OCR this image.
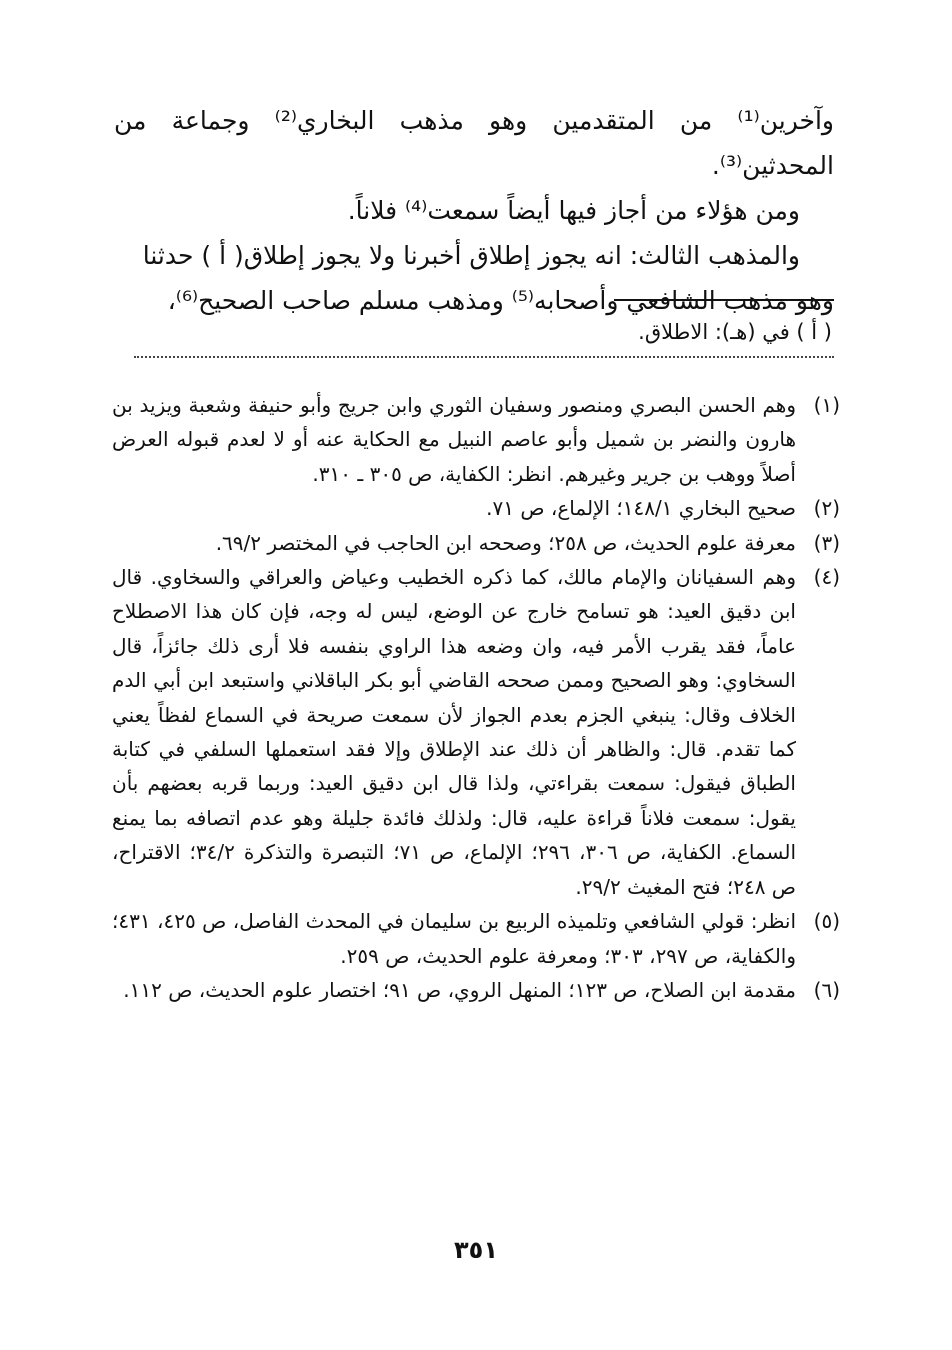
وآخرين⁽¹⁾ من المتقدمين وهو مذهب البخاري⁽²⁾ وجماعة من المحدثين⁽³⁾.

ومن هؤلاء من أجاز فيها أيضاً سمعت⁽⁴⁾ فلاناً.

والمذهب الثالث: انه يجوز إطلاق أخبرنا ولا يجوز إطلاق( أ ) حدثنا

وهو مذهب الشافعي وأصحابه⁽⁵⁾ ومذهب مسلم صاحب الصحيح⁽⁶⁾،

( أ ) في (هـ): الاطلاق.
(١)
وهم الحسن البصري ومنصور وسفيان الثوري وابن جريج وأبو حنيفة وشعبة ويزيد بن هارون والنضر بن شميل وأبو عاصم النبيل مع الحكاية عنه أو لا لعدم قبوله العرض أصلاً ووهب بن جرير وغيرهم. انظر: الكفاية، ص ٣٠٥ ـ ٣١٠.
(٢)
صحيح البخاري ١٤٨/١؛ الإلماع، ص ٧١.
(٣)
معرفة علوم الحديث، ص ٢٥٨؛ وصححه ابن الحاجب في المختصر ٦٩/٢.
(٤)
وهم السفيانان والإمام مالك، كما ذكره الخطيب وعياض والعراقي والسخاوي. قال ابن دقيق العيد: هو تسامح خارج عن الوضع، ليس له وجه، فإن كان هذا الاصطلاح عاماً، فقد يقرب الأمر فيه، وان وضعه هذا الراوي بنفسه فلا أرى ذلك جائزاً، قال السخاوي: وهو الصحيح وممن صححه القاضي أبو بكر الباقلاني واستبعد ابن أبي الدم الخلاف وقال: ينبغي الجزم بعدم الجواز لأن سمعت صريحة في السماع لفظاً يعني كما تقدم. قال: والظاهر أن ذلك عند الإطلاق وإلا فقد استعملها السلفي في كتابة الطباق فيقول: سمعت بقراءتي، ولذا قال ابن دقيق العيد: وربما قربه بعضهم بأن يقول: سمعت فلاناً قراءة عليه، قال: ولذلك فائدة جليلة وهو عدم اتصافه بما يمنع السماع. الكفاية، ص ٣٠٦، ٢٩٦؛ الإلماع، ص ٧١؛ التبصرة والتذكرة ٣٤/٢؛ الاقتراح، ص ٢٤٨؛ فتح المغيث ٢٩/٢.
(٥)
انظر: قولي الشافعي وتلميذه الربيع بن سليمان في المحدث الفاصل، ص ٤٢٥، ٤٣١؛ والكفاية، ص ٢٩٧، ٣٠٣؛ ومعرفة علوم الحديث، ص ٢٥٩.
(٦)
مقدمة ابن الصلاح، ص ١٢٣؛ المنهل الروي، ص ٩١؛ اختصار علوم الحديث، ص ١١٢.
٣٥١
